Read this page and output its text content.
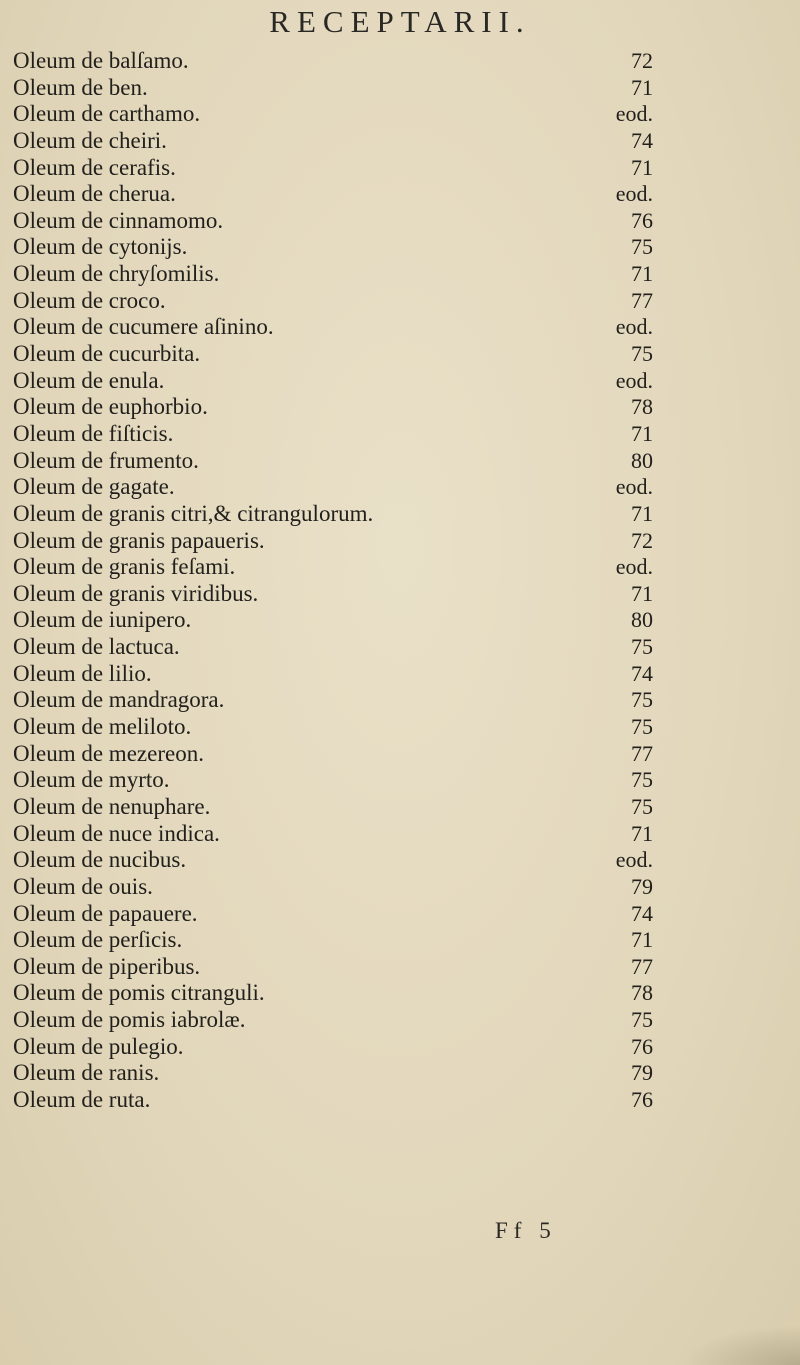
RECEPTARII.
Oleum de balſamo.	72
Oleum de ben.	71
Oleum de carthamo.	eod.
Oleum de cheiri.	74
Oleum de cerafis.	71
Oleum de cherua.	eod.
Oleum de cinnamomo.	76
Oleum de cytonijs.	75
Oleum de chryſomilis.	71
Oleum de croco.	77
Oleum de cucumere aſinino.	eod.
Oleum de cucurbita.	75
Oleum de enula.	eod.
Oleum de euphorbio.	78
Oleum de fiſticis.	71
Oleum de frumento.	80
Oleum de gagate.	eod.
Oleum de granis citri,& citrangulorum.	71
Oleum de granis papaueris.	72
Oleum de granis feſami.	eod.
Oleum de granis viridibus.	71
Oleum de iunipero.	80
Oleum de lactuca.	75
Oleum de lilio.	74
Oleum de mandragora.	75
Oleum de meliloto.	75
Oleum de mezereon.	77
Oleum de myrto.	75
Oleum de nenuphare.	75
Oleum de nuce indica.	71
Oleum de nucibus.	eod.
Oleum de ouis.	79
Oleum de papauere.	74
Oleum de perſicis.	71
Oleum de piperibus.	77
Oleum de pomis citranguli.	78
Oleum de pomis iabrolæ.	75
Oleum de pulegio.	76
Oleum de ranis.	79
Oleum de ruta.	76
Ff 5
